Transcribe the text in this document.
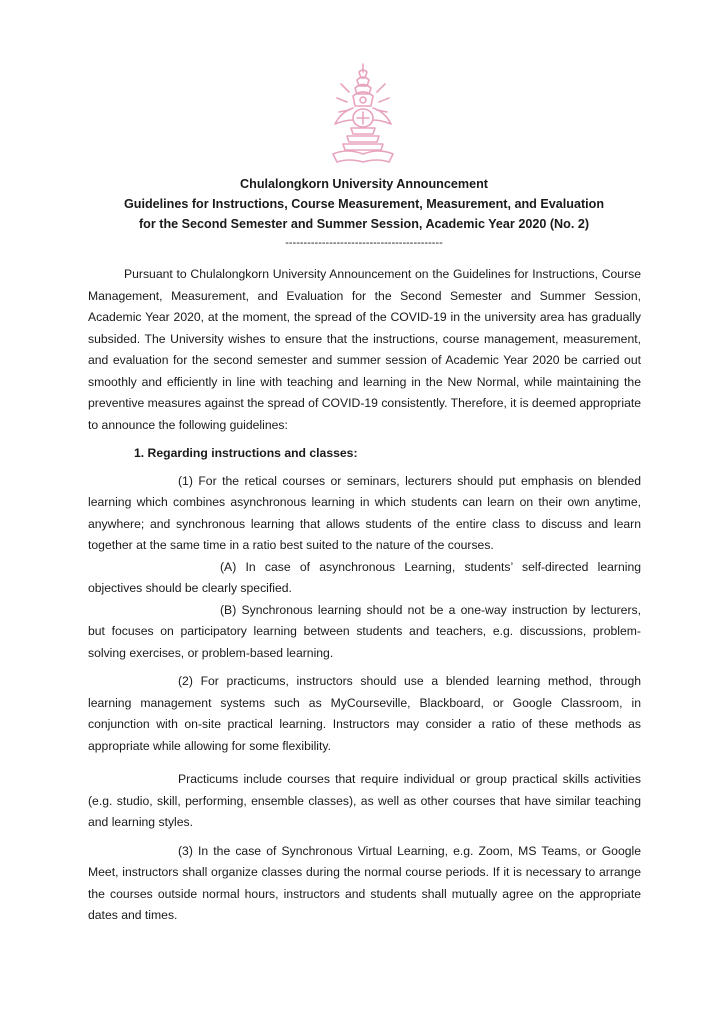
Chulalongkorn University Announcement
Guidelines for Instructions, Course Measurement, Measurement, and Evaluation
for the Second Semester and Summer Session, Academic Year 2020 (No. 2)
-------------------------------------------

Pursuant to Chulalongkorn University Announcement on the Guidelines for Instructions, Course Management, Measurement, and Evaluation for the Second Semester and Summer Session, Academic Year 2020, at the moment, the spread of the COVID-19 in the university area has gradually subsided. The University wishes to ensure that the instructions, course management, measurement, and evaluation for the second semester and summer session of Academic Year 2020 be carried out smoothly and efficiently in line with teaching and learning in the New Normal, while maintaining the preventive measures against the spread of COVID-19 consistently. Therefore, it is deemed appropriate to announce the following guidelines:

1. Regarding instructions and classes:

(1) For the retical courses or seminars, lecturers should put emphasis on blended learning which combines asynchronous learning in which students can learn on their own anytime, anywhere; and synchronous learning that allows students of the entire class to discuss and learn together at the same time in a ratio best suited to the nature of the courses.

(A) In case of asynchronous Learning, students’ self-directed learning objectives should be clearly specified.

(B) Synchronous learning should not be a one-way instruction by lecturers, but focuses on participatory learning between students and teachers, e.g. discussions, problem-solving exercises, or problem-based learning.

(2) For practicums, instructors should use a blended learning method, through learning management systems such as MyCourseville, Blackboard, or Google Classroom, in conjunction with on-site practical learning. Instructors may consider a ratio of these methods as appropriate while allowing for some flexibility.

Practicums include courses that require individual or group practical skills activities (e.g. studio, skill, performing, ensemble classes), as well as other courses that have similar teaching and learning styles.

(3) In the case of Synchronous Virtual Learning, e.g. Zoom, MS Teams, or Google Meet, instructors shall organize classes during the normal course periods. If it is necessary to arrange the courses outside normal hours, instructors and students shall mutually agree on the appropriate dates and times.
